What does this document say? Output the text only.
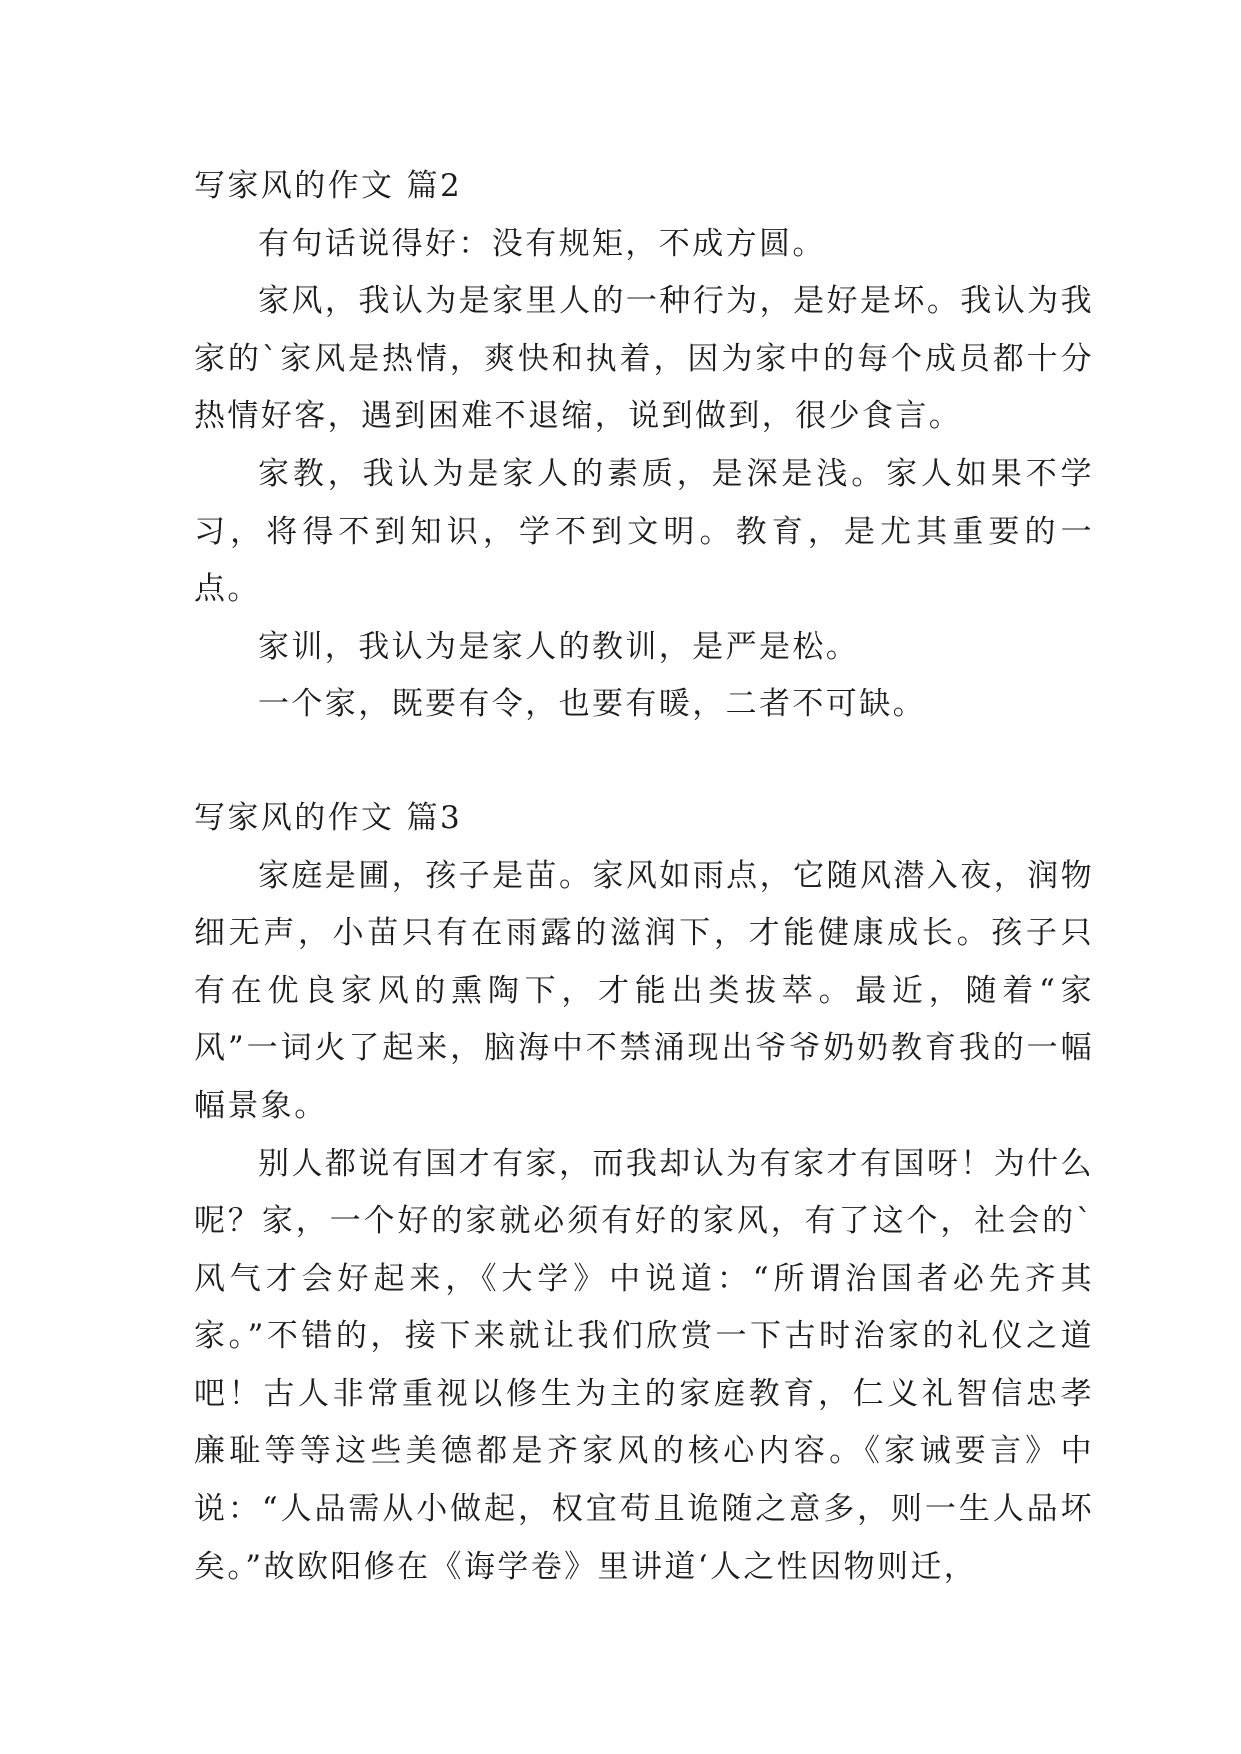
写家风的作文 篇2

有句话说得好：没有规矩，不成方圆。

家风，我认为是家里人的一种行为，是好是坏。我认为我家的`家风是热情，爽快和执着，因为家中的每个成员都十分热情好客，遇到困难不退缩，说到做到，很少食言。

家教，我认为是家人的素质，是深是浅。家人如果不学习，将得不到知识，学不到文明。教育，是尤其重要的一点。

家训，我认为是家人的教训，是严是松。

一个家，既要有令，也要有暖，二者不可缺。

写家风的作文 篇3

家庭是圃，孩子是苗。家风如雨点，它随风潜入夜，润物细无声，小苗只有在雨露的滋润下，才能健康成长。孩子只有在优良家风的熏陶下，才能出类拔萃。最近，随着“家风”一词火了起来，脑海中不禁涌现出爷爷奶奶教育我的一幅幅景象。

别人都说有国才有家，而我却认为有家才有国呀！为什么呢？家，一个好的家就必须有好的家风，有了这个，社会的`风气才会好起来，《大学》中说道：“所谓治国者必先齐其家。”不错的，接下来就让我们欣赏一下古时治家的礼仪之道吧！古人非常重视以修生为主的家庭教育，仁义礼智信忠孝廉耻等等这些美德都是齐家风的核心内容。《家诫要言》中说：“人品需从小做起，权宜苟且诡随之意多，则一生人品坏矣。”故欧阳修在《诲学卷》里讲道‘人之性因物则迁，
